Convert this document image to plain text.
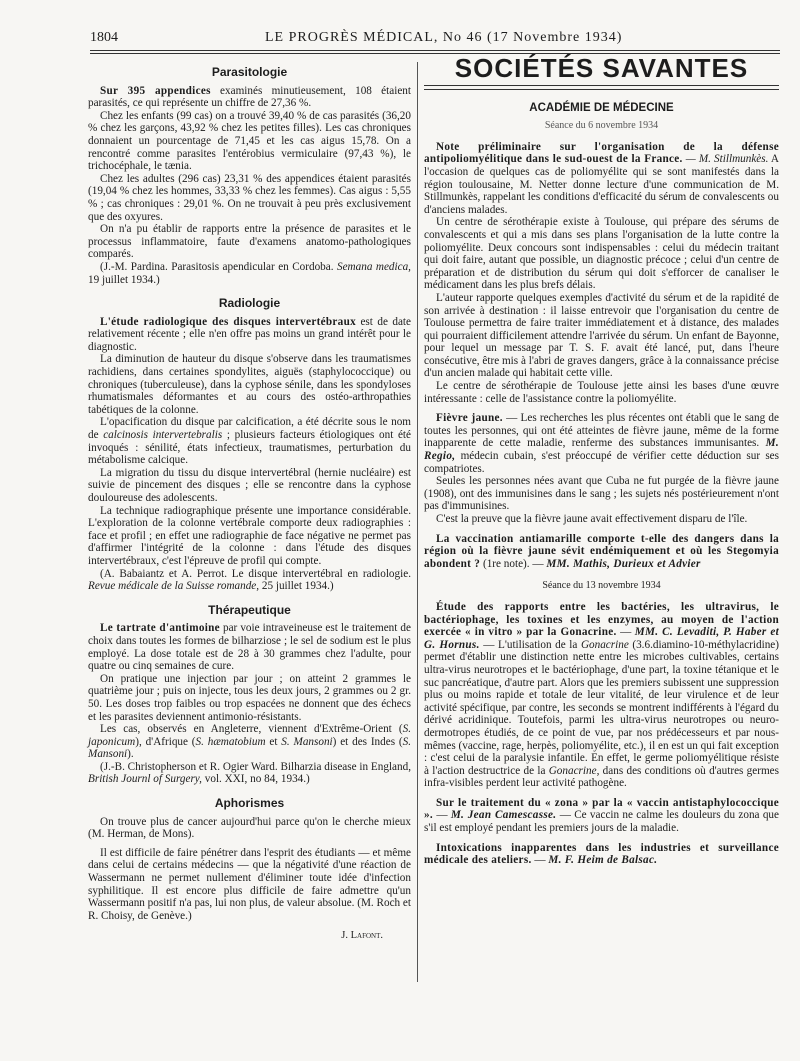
1804	LE PROGRÈS MÉDICAL, No 46 (17 Novembre 1934)
Parasitologie

Sur 395 appendices examinés minutieusement, 108 étaient parasités, ce qui représente un chiffre de 27,36 %.

Chez les enfants (99 cas) on a trouvé 39,40 % de cas parasités (36,20 % chez les garçons, 43,92 % chez les petites filles). Les cas chroniques donnaient un pourcentage de 71,45 et les cas aigus 15,78. On a rencontré comme parasites l'entérobius vermiculaire (97,43 %), le trichocéphale, le tænia.

Chez les adultes (296 cas) 23,31 % des appendices étaient parasités (19,04 % chez les hommes, 33,33 % chez les femmes). Cas aigus : 5,55 % ; cas chroniques : 29,01 %. On ne trouvait à peu près exclusivement que des oxyures.

On n'a pu établir de rapports entre la présence de parasites et le processus inflammatoire, faute d'examens anatomo-pathologiques comparés.

(J.-M. Pardina. Parasitosis apendicular en Cordoba. Semana medica, 19 juillet 1934.)

Radiologie

L'étude radiologique des disques intervertébraux est de date relativement récente ; elle n'en offre pas moins un grand intérêt pour le diagnostic.

La diminution de hauteur du disque s'observe dans les traumatismes rachidiens, dans certaines spondylites, aiguës (staphylococcique) ou chroniques (tuberculeuse), dans la cyphose sénile, dans les spondyloses rhumatismales déformantes et au cours des ostéo-arthropathies tabétiques de la colonne.

L'opacification du disque par calcification, a été décrite sous le nom de calcinosis intervertebralis ; plusieurs facteurs étiologiques ont été invoqués : sénilité, états infectieux, traumatismes, perturbation du métabolisme calcique.

La migration du tissu du disque intervertébral (hernie nucléaire) est suivie de pincement des disques ; elle se rencontre dans la cyphose douloureuse des adolescents.

La technique radiographique présente une importance considérable. L'exploration de la colonne vertébrale comporte deux radiographies : face et profil ; en effet une radiographie de face négative ne permet pas d'affirmer l'intégrité de la colonne : dans l'étude des disques intervertébraux, c'est l'épreuve de profil qui compte.

(A. Babaiantz et A. Perrot. Le disque intervertébral en radiologie. Revue médicale de la Suisse romande, 25 juillet 1934.)

Thérapeutique

Le tartrate d'antimoine par voie intraveineuse est le traitement de choix dans toutes les formes de bilharziose ; le sel de sodium est le plus employé. La dose totale est de 28 à 30 grammes chez l'adulte, pour quatre ou cinq semaines de cure.

On pratique une injection par jour ; on atteint 2 grammes le quatrième jour ; puis on injecte, tous les deux jours, 2 grammes ou 2 gr. 50. Les doses trop faibles ou trop espacées ne donnent que des échecs et les parasites deviennent antimonio-résistants.

Les cas, observés en Angleterre, viennent d'Extrême-Orient (S. japonicum), d'Afrique (S. hæmatobium et S. Mansoni) et des Indes (S. Mansoni).

(J.-B. Christopherson et R. Ogier Ward. Bilharzia disease in England, British Journl of Surgery, vol. XXI, no 84, 1934.)

Aphorismes

On trouve plus de cancer aujourd'hui parce qu'on le cherche mieux (M. Herman, de Mons).

Il est difficile de faire pénétrer dans l'esprit des étudiants — et même dans celui de certains médecins — que la négativité d'une réaction de Wassermann ne permet nullement d'éliminer toute idée d'infection syphilitique. Il est encore plus difficile de faire admettre qu'un Wassermann positif n'a pas, lui non plus, de valeur absolue. (M. Roch et R. Choisy, de Genève.)

J. Lafont.
SOCIÉTÉS SAVANTES
ACADÉMIE DE MÉDECINE
Séance du 6 novembre 1934

Note préliminaire sur l'organisation de la défense antipoliomyélitique dans le sud-ouest de la France. — M. Stillmunkès. A l'occasion de quelques cas de poliomyélite qui se sont manifestés dans la région toulousaine, M. Netter donne lecture d'une communication de M. Stillmunkès, rappelant les conditions d'efficacité du sérum de convalescents ou d'anciens malades.

Un centre de sérothérapie existe à Toulouse, qui prépare des sérums de convalescents et qui a mis dans ses plans l'organisation de la lutte contre la poliomyélite. Deux concours sont indispensables : celui du médecin traitant qui doit faire, autant que possible, un diagnostic précoce ; celui d'un centre de préparation et de distribution du sérum qui doit s'efforcer de canaliser le médicament dans les plus brefs délais.

L'auteur rapporte quelques exemples d'activité du sérum et de la rapidité de son arrivée à destination : il laisse entrevoir que l'organisation du centre de Toulouse permettra de faire traiter immédiatement et à distance, des malades qui pourraient difficilement attendre l'arrivée du sérum. Un enfant de Bayonne, pour lequel un message par T. S. F. avait été lancé, put, dans l'heure consécutive, être mis à l'abri de graves dangers, grâce à la connaissance précise d'un ancien malade qui habitait cette ville.

Le centre de sérothérapie de Toulouse jette ainsi les bases d'une œuvre intéressante : celle de l'assistance contre la poliomyélite.

Fièvre jaune. — Les recherches les plus récentes ont établi que le sang de toutes les personnes, qui ont été atteintes de fièvre jaune, même de la forme inapparente de cette maladie, renferme des substances immunisantes. M. Regio, médecin cubain, s'est préoccupé de vérifier cette déduction sur ses compatriotes.

Seules les personnes nées avant que Cuba ne fut purgée de la fièvre jaune (1908), ont des immunisines dans le sang ; les sujets nés postérieurement n'ont pas d'immunisines.

C'est la preuve que la fièvre jaune avait effectivement disparu de l'île.

La vaccination antiamarille comporte t-elle des dangers dans la région où la fièvre jaune sévit endémiquement et où les Stegomyia abondent ? (1re note). — MM. Mathis, Durieux et Advier

Séance du 13 novembre 1934

Étude des rapports entre les bactéries, les ultravirus, le bactériophage, les toxines et les enzymes, au moyen de l'action exercée « in vitro » par la Gonacrine. — MM. C. Levaditi, P. Haber et G. Hornus. — L'utilisation de la Gonacrine (3.6.diamino-10-méthylacridine) permet d'établir une distinction nette entre les microbes cultivables, certains ultra-virus neurotropes et le bactériophage, d'une part, la toxine tétanique et le suc pancréatique, d'autre part. Alors que les premiers subissent une suppression plus ou moins rapide et totale de leur vitalité, de leur virulence et de leur activité spécifique, par contre, les seconds se montrent indifférents à l'égard du dérivé acridinique. Toutefois, parmi les ultra-virus neurotropes ou neuro-dermotropes étudiés, de ce point de vue, par nos prédécesseurs et par nous-mêmes (vaccine, rage, herpès, poliomyélite, etc.), il en est un qui fait exception : c'est celui de la paralysie infantile. En effet, le germe poliomyélitique résiste à l'action destructrice de la Gonacrine, dans des conditions où d'autres germes infra-visibles perdent leur activité pathogène.

Sur le traitement du « zona » par la « vaccin antistaphylococcique ». — M. Jean Camescasse. — Ce vaccin ne calme les douleurs du zona que s'il est employé pendant les premiers jours de la maladie.

Intoxications inapparentes dans les industries et surveillance médicale des ateliers. — M. F. Heim de Balsac.
